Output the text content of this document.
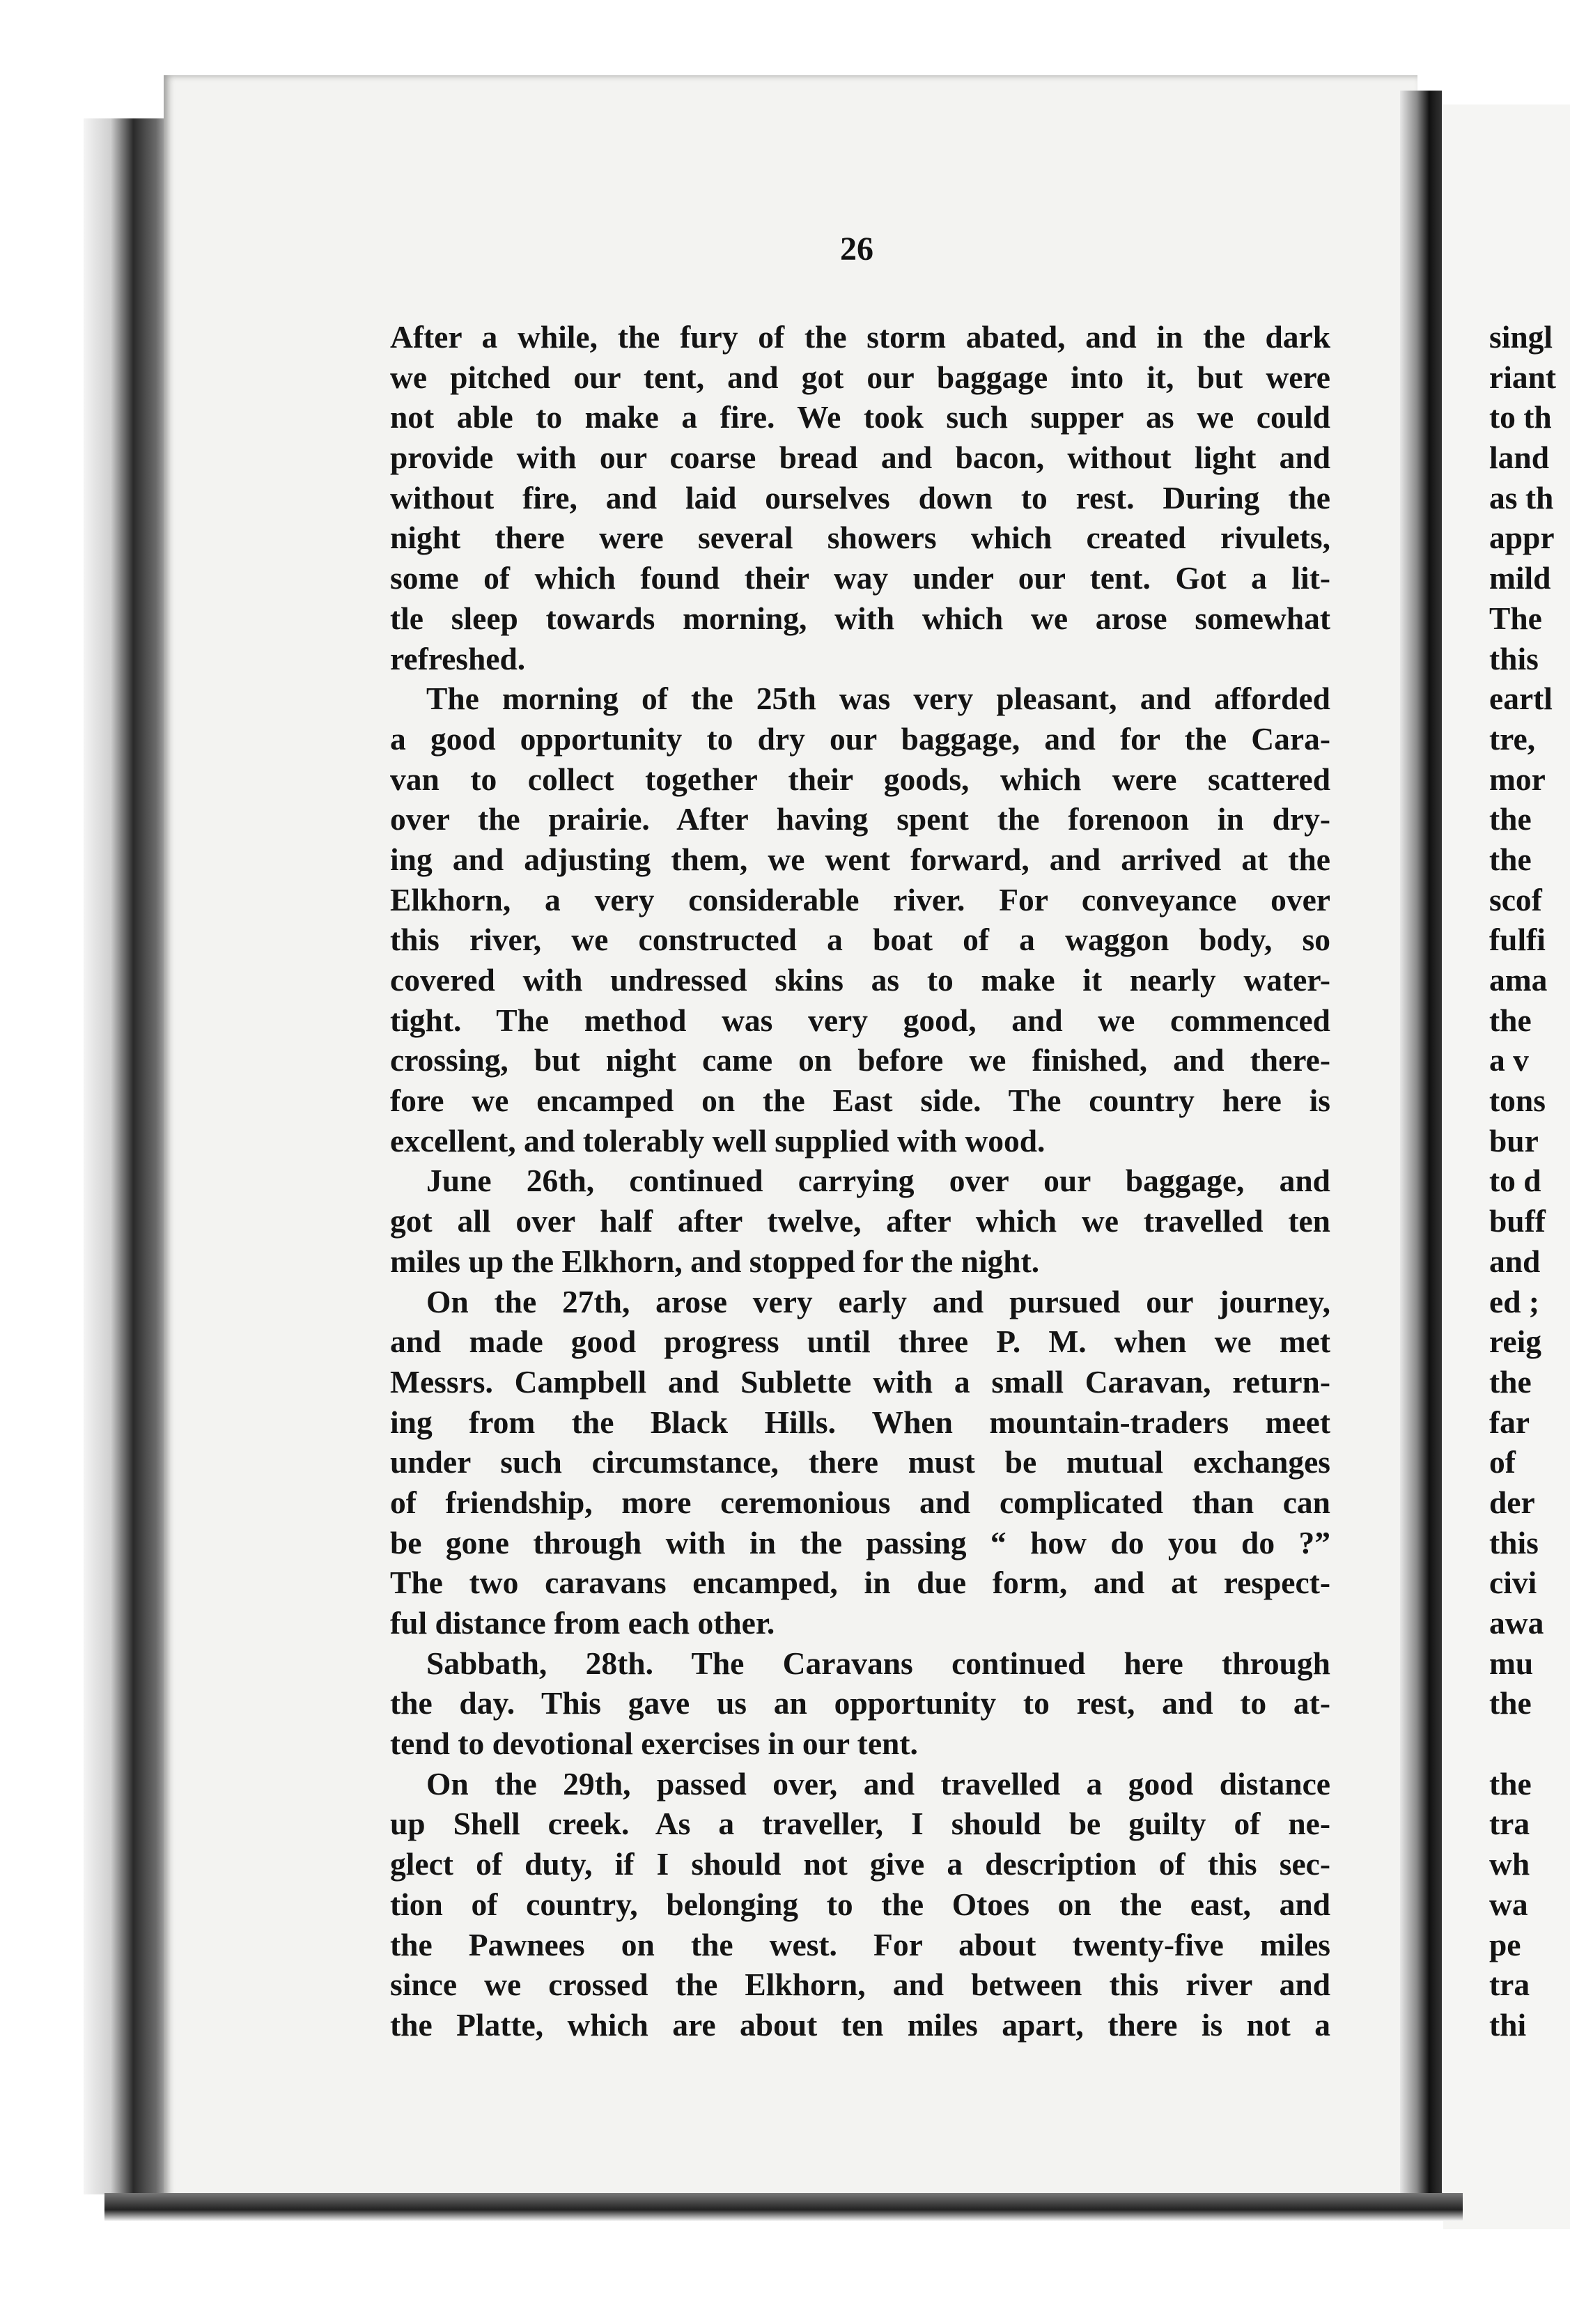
26
After a while, the fury of the storm abated, and in the dark
we pitched our tent, and got our baggage into it, but were
not able to make a fire. We took such supper as we could
provide with our coarse bread and bacon, without light and
without fire, and laid ourselves down to rest. During the
night there were several showers which created rivulets,
some of which found their way under our tent. Got a lit-
tle sleep towards morning, with which we arose somewhat
refreshed.
The morning of the 25th was very pleasant, and afforded
a good opportunity to dry our baggage, and for the Cara-
van to collect together their goods, which were scattered
over the prairie. After having spent the forenoon in dry-
ing and adjusting them, we went forward, and arrived at the
Elkhorn, a very considerable river. For conveyance over
this river, we constructed a boat of a waggon body, so
covered with undressed skins as to make it nearly water-
tight. The method was very good, and we commenced
crossing, but night came on before we finished, and there-
fore we encamped on the East side. The country here is
excellent, and tolerably well supplied with wood.
June 26th, continued carrying over our baggage, and
got all over half after twelve, after which we travelled ten
miles up the Elkhorn, and stopped for the night.
On the 27th, arose very early and pursued our journey,
and made good progress until three P. M. when we met
Messrs. Campbell and Sublette with a small Caravan, return-
ing from the Black Hills. When mountain-traders meet
under such circumstance, there must be mutual exchanges
of friendship, more ceremonious and complicated than can
be gone through with in the passing “ how do you do ?”
The two caravans encamped, in due form, and at respect-
ful distance from each other.
Sabbath, 28th. The Caravans continued here through
the day. This gave us an opportunity to rest, and to at-
tend to devotional exercises in our tent.
On the 29th, passed over, and travelled a good distance
up Shell creek. As a traveller, I should be guilty of ne-
glect of duty, if I should not give a description of this sec-
tion of country, belonging to the Otoes on the east, and
the Pawnees on the west. For about twenty-five miles
since we crossed the Elkhorn, and between this river and
the Platte, which are about ten miles apart, there is not a
singl
riant
to th
land
as th
appr
mild
The
this
eartl
tre,
mor
the
the
scof
fulfi
ama
the
a v
tons
bur
to d
buff
and
ed ;
reig
the
far
of
der
this
civi
awa
mu
the
the
tra
wh
wa
pe
tra
thi
